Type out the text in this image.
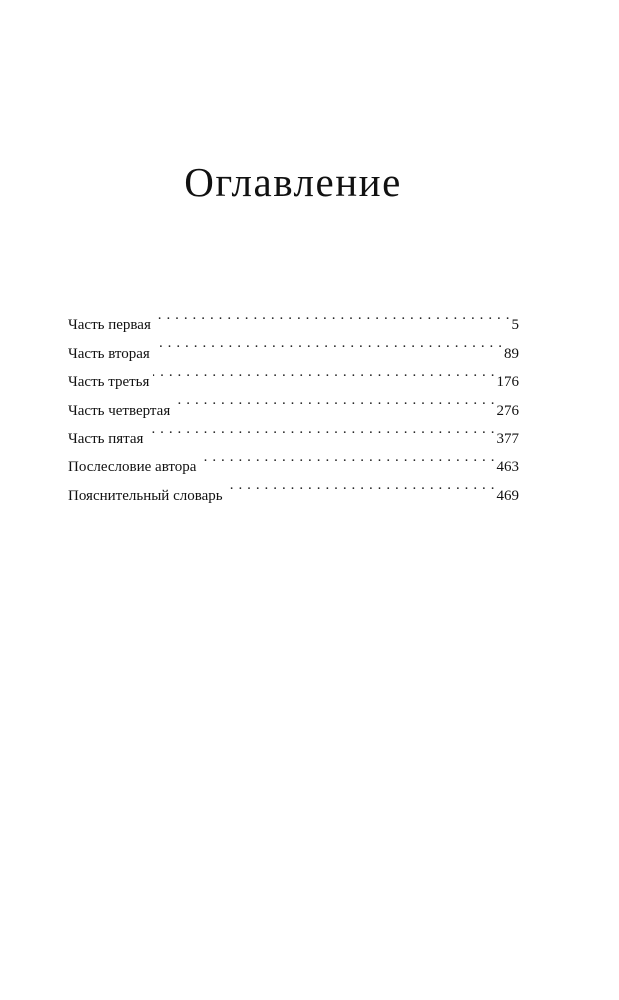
Оглавление
Часть первая . . .	5
Часть вторая . . .	89
Часть третья . . .	176
Часть четвертая . . .	276
Часть пятая . . .	377
Послесловие автора . . .	463
Пояснительный словарь . . .	469
